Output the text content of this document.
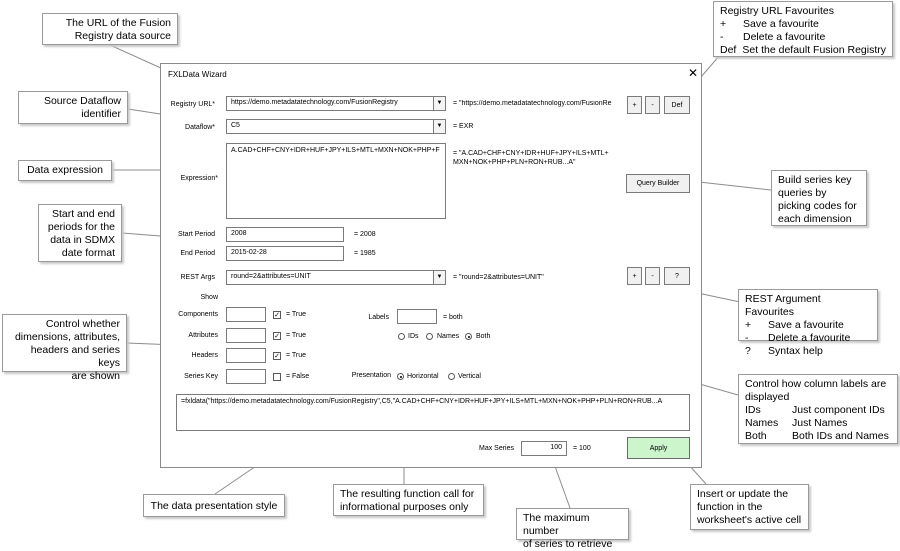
The URL of the Fusion
Registry data source
Source Dataflow
identifier
Data expression
Start and end
periods for the
data in SDMX
date format
Control whether
dimensions, attributes,
headers and series keys
are shown
The data presentation style
The resulting function call for
informational purposes only
The maximum number
of series to retrieve
Insert or update the
function in the
worksheet's active cell
Registry URL Favourites
+	Save a favourite
-	Delete a favourite
Def Set the default Fusion Registry
Build series key
queries by
picking codes for
each dimension
REST Argument Favourites
+	Save a favourite
-	Delete a favourite
?	Syntax help
Control how column labels are
displayed
IDs	Just component IDs
Names	Just Names
Both	Both IDs and Names
FXLData Wizard	✕
Registry URL*	https://demo.metadatatechnology.com/FusionRegistry	▼	= "https://demo.metadatatechnology.com/FusionRe	+	-	Def
Dataflow*	C5	▼	= EXR
Expression*
A.CAD+CHF+CNY+IDR+HUF+JPY+ILS+MTL+MXN+NOK+PHP+F	= "A.CAD+CHF+CNY+IDR+HUF+JPY+ILS+MTL+
MXN+NOK+PHP+PLN+RON+RUB...A"
Query Builder
Start Period	2008	= 2008
End Period	2015-02-28	= 1985
REST Args	round=2&attributes=UNIT	▼	= "round=2&attributes=UNIT"	+	-	?
Show
Components	✓ = True
Attributes	✓ = True
Headers	✓ = True
Series Key	= False
Labels	= both
IDs	Names Both
Presentation Horizontal	Vertical
=fxldata("https://demo.metadatatechnology.com/FusionRegistry",C5,"A.CAD+CHF+CNY+IDR+HUF+JPY+ILS+MTL+MXN+NOK+PHP+PLN+RON+RUB...A
Max Series	100	= 100	Apply
